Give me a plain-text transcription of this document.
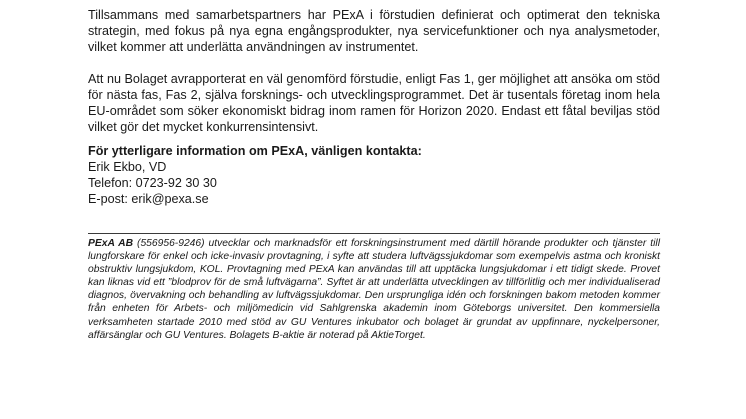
Tillsammans med samarbetspartners har PExA i förstudien definierat och optimerat den tekniska strategin, med fokus på nya egna engångsprodukter, nya servicefunktioner och nya analysmetoder, vilket kommer att underlätta användningen av instrumentet.

Att nu Bolaget avrapporterat en väl genomförd förstudie, enligt Fas 1, ger möjlighet att ansöka om stöd för nästa fas, Fas 2, själva forsknings- och utvecklingsprogrammet. Det är tusentals företag inom hela EU-området som söker ekonomiskt bidrag inom ramen för Horizon 2020. Endast ett fåtal beviljas stöd vilket gör det mycket konkurrensintensivt.

För ytterligare information om PExA, vänligen kontakta:
Erik Ekbo, VD
Telefon: 0723-92 30 30
E-post: erik@pexa.se

PExA AB (556956-9246) utvecklar och marknadsför ett forskningsinstrument med därtill hörande produkter och tjänster till lungforskare för enkel och icke-invasiv provtagning, i syfte att studera luftvägssjukdomar som exempelvis astma och kroniskt obstruktiv lungsjukdom, KOL. Provtagning med PExA kan användas till att upptäcka lungsjukdomar i ett tidigt skede. Provet kan liknas vid ett ”blodprov för de små luftvägarna”. Syftet är att underlätta utvecklingen av tillförlitlig och mer individualiserad diagnos, övervakning och behandling av luftvägssjukdomar. Den ursprungliga idén och forskningen bakom metoden kommer från enheten för Arbets- och miljömedicin vid Sahlgrenska akademin inom Göteborgs universitet. Den kommersiella verksamheten startade 2010 med stöd av GU Ventures inkubator och bolaget är grundat av uppfinnare, nyckelpersoner, affärsänglar och GU Ventures. Bolagets B-aktie är noterad på AktieTorget.
